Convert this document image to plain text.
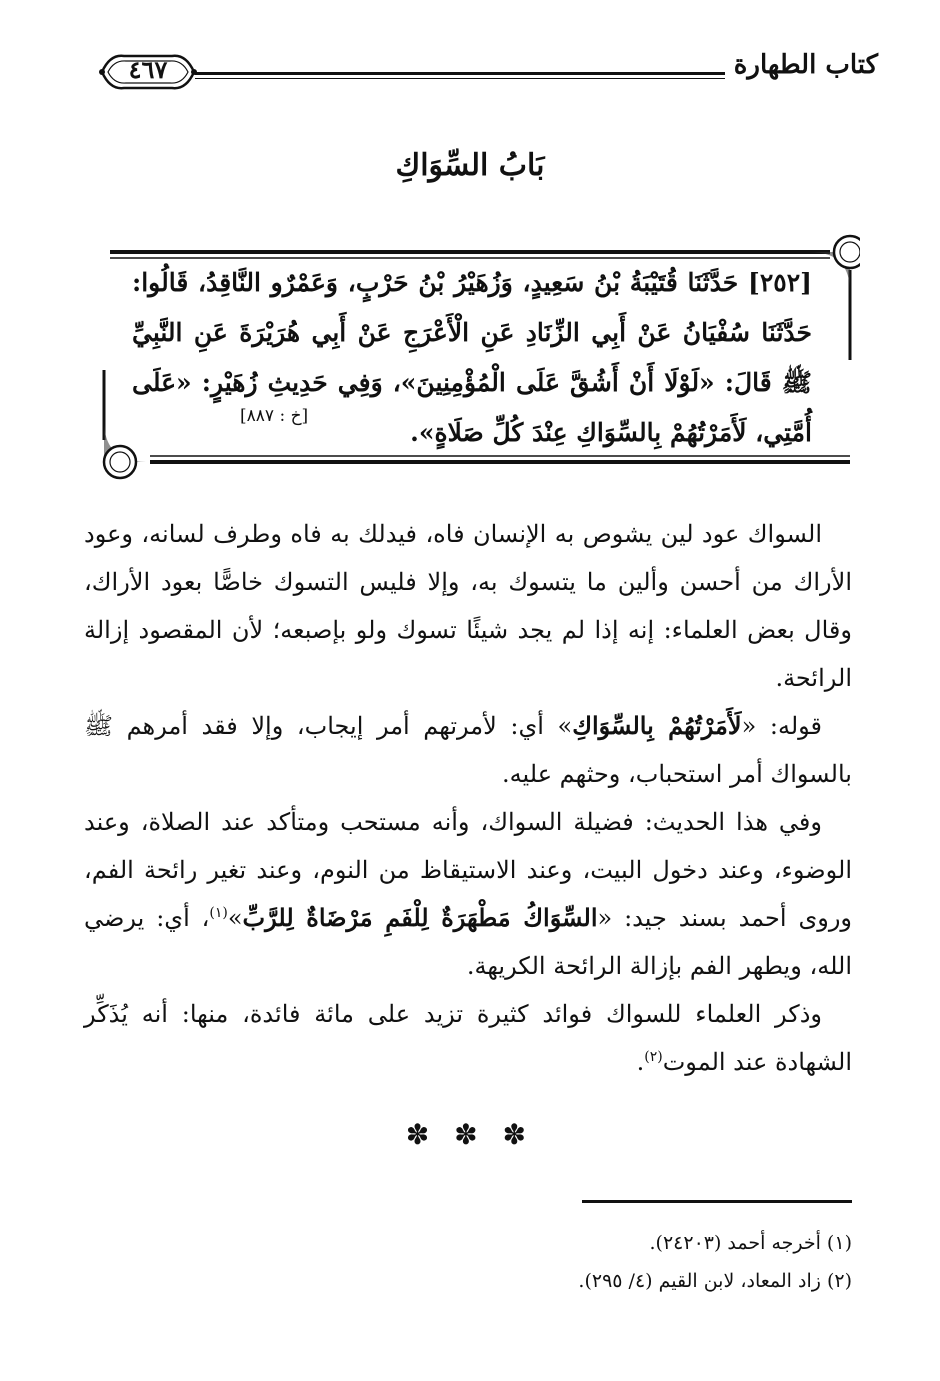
كتاب الطهارة
٤٦٧
بَابُ السِّوَاكِ
[٢٥٢] حَدَّثَنَا قُتَيْبَةُ بْنُ سَعِيدٍ، وَزُهَيْرُ بْنُ حَرْبٍ، وَعَمْرٌو النَّاقِدُ، قَالُوا: حَدَّثَنَا سُفْيَانُ عَنْ أَبِي الزِّنَادِ عَنِ الْأَعْرَجِ عَنْ أَبِي هُرَيْرَةَ عَنِ النَّبِيِّ ﷺ قَالَ: «لَوْلَا أَنْ أَشُقَّ عَلَى الْمُؤْمِنِينَ»، وَفِي حَدِيثِ زُهَيْرٍ: «عَلَى أُمَّتِي، لَأَمَرْتُهُمْ بِالسِّوَاكِ عِنْدَ كُلِّ صَلَاةٍ».
[خ : ٨٨٧]

السواك عود لين يشوص به الإنسان فاه، فيدلك به فاه وطرف لسانه، وعود الأراك من أحسن وألين ما يتسوك به، وإلا فليس التسوك خاصًّا بعود الأراك، وقال بعض العلماء: إنه إذا لم يجد شيئًا تسوك ولو بإصبعه؛ لأن المقصود إزالة الرائحة.

قوله: «لَأَمَرْتُهُمْ بِالسِّوَاكِ» أي: لأمرتهم أمر إيجاب، وإلا فقد أمرهم ﷺ بالسواك أمر استحباب، وحثهم عليه.

وفي هذا الحديث: فضيلة السواك، وأنه مستحب ومتأكد عند الصلاة، وعند الوضوء، وعند دخول البيت، وعند الاستيقاظ من النوم، وعند تغير رائحة الفم، وروى أحمد بسند جيد: «السِّوَاكُ مَطْهَرَةٌ لِلْفَمِ مَرْضَاةٌ لِلرَّبِّ»$^{(١)}$، أي: يرضي الله، ويطهر الفم بإزالة الرائحة الكريهة.

وذكر العلماء للسواك فوائد كثيرة تزيد على مائة فائدة، منها: أنه يُذَكِّر الشهادة عند الموت$^{(٢)}$.

✽ ✽ ✽
(١) أخرجه أحمد (٢٤٢٠٣).
(٢) زاد المعاد، لابن القيم (٤/ ٢٩٥).
